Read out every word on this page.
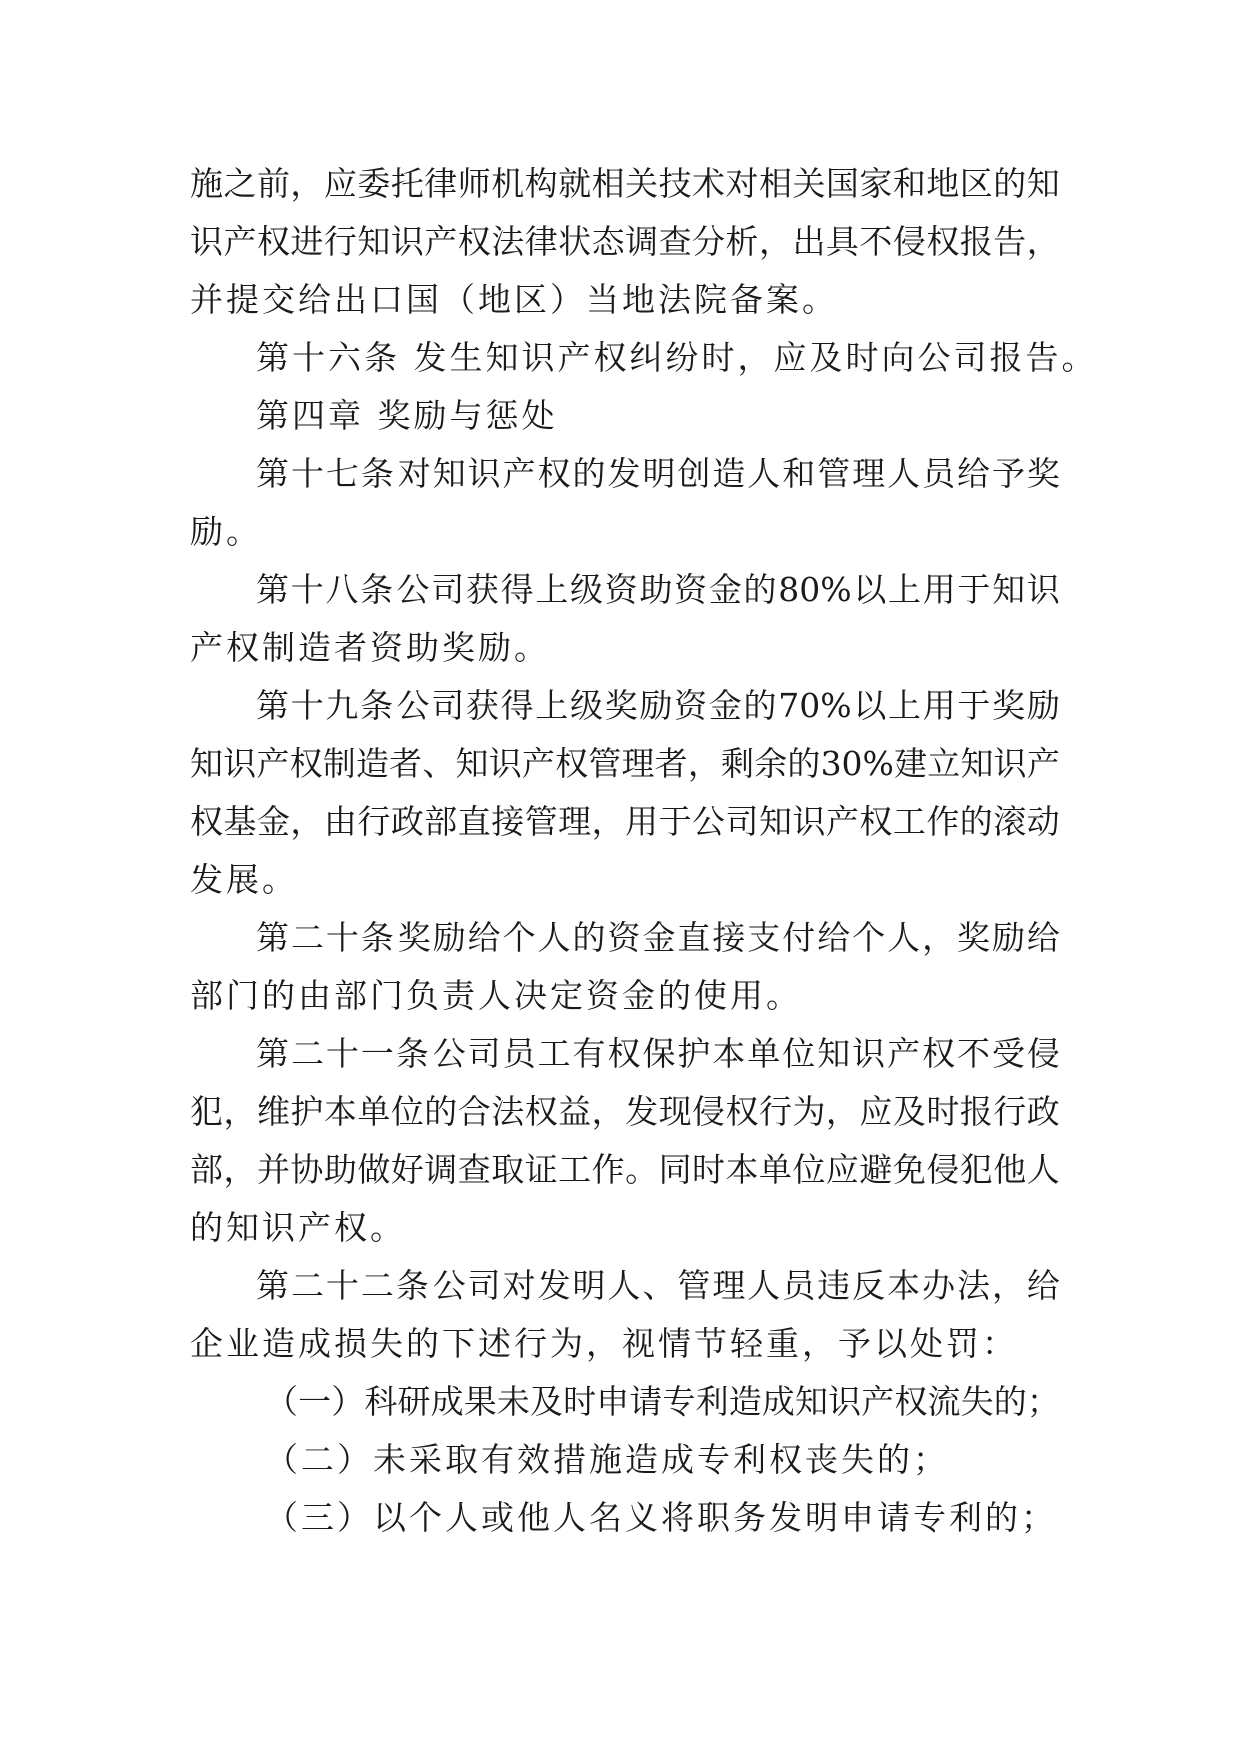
施 之 前 ， 应 委 托 律 师 机 构 就 相 关 技 术 对 相 关 国 家 和 地 区 的 知
识 产 权 进 行 知 识 产 权 法 律 状 态 调 查 分 析 ， 出 具 不 侵 权 报 告 ，
并提交给出口国（地区）当地法院备案。
第十六条 发生知识产权纠纷时，应及时向公司报告。
第四章 奖励与惩处
第 十 七 条 对 知 识 产 权 的 发 明 创 造 人 和 管 理 人 员 给 予 奖
励。
第 十 八 条 公 司 获 得 上 级 资 助 资 金 的 80% 以 上 用 于 知 识
产权制造者资助奖励。
第 十 九 条 公 司 获 得 上 级 奖 励 资 金 的 70% 以 上 用 于 奖 励
知 识 产 权 制 造 者 、 知 识 产 权 管 理 者 ， 剩 余 的 30% 建 立 知 识 产
权 基 金 ， 由 行 政 部 直 接 管 理 ， 用 于 公 司 知 识 产 权 工 作 的 滚 动
发展。
第 二 十 条 奖 励 给 个 人 的 资 金 直 接 支 付 给 个 人 ， 奖 励 给
部门的由部门负责人决定资金的使用。
第 二 十 一 条 公 司 员 工 有 权 保 护 本 单 位 知 识 产 权 不 受 侵
犯 ， 维 护 本 单 位 的 合 法 权 益 ， 发 现 侵 权 行 为 ， 应 及 时 报 行 政
部 ， 并 协 助 做 好 调 查 取 证 工 作 。 同 时 本 单 位 应 避 免 侵 犯 他 人
的知识产权。
第 二 十 二 条 公 司 对 发 明 人 、 管 理 人 员 违 反 本 办 法 ， 给
企业造成损失的下述行为，视情节轻重，予以处罚：
（ 一 ） 科 研 成 果 未 及 时 申 请 专 利 造 成 知 识 产 权 流 失 的 ；
（二）未采取有效措施造成专利权丧失的；
（三）以个人或他人名义将职务发明申请专利的；
